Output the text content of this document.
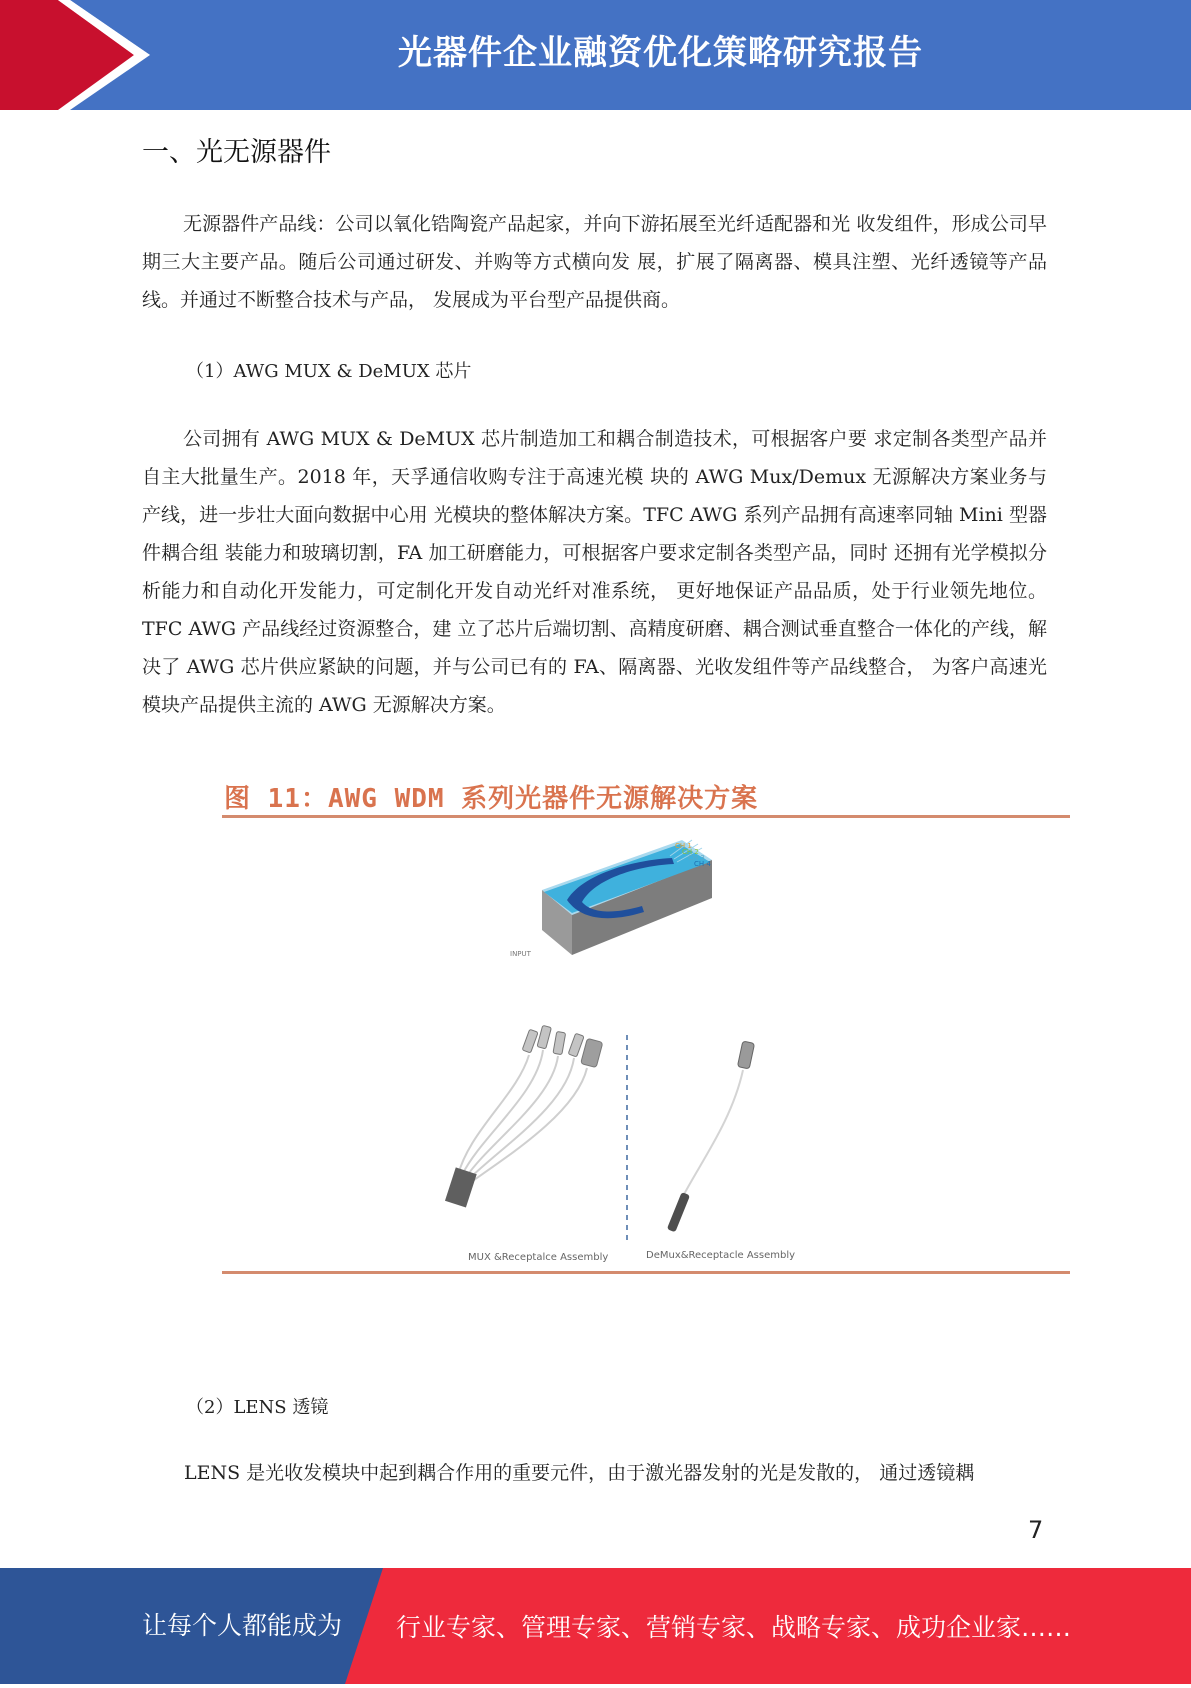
光器件企业融资优化策略研究报告
一、光无源器件

无源器件产品线：公司以氧化锆陶瓷产品起家，并向下游拓展至光纤适配器和光 收发组件，形成公司早期三大主要产品。随后公司通过研发、并购等方式横向发 展，扩展了隔离器、模具注塑、光纤透镜等产品线。并通过不断整合技术与产品， 发展成为平台型产品提供商。

（1）AWG MUX & DeMUX 芯片

公司拥有 AWG MUX & DeMUX 芯片制造加工和耦合制造技术，可根据客户要 求定制各类型产品并自主大批量生产。2018 年，天孚通信收购专注于高速光模 块的 AWG Mux/Demux 无源解决方案业务与产线，进一步壮大面向数据中心用 光模块的整体解决方案。TFC AWG 系列产品拥有高速率同轴 Mini 型器件耦合组 装能力和玻璃切割，FA 加工研磨能力，可根据客户要求定制各类型产品，同时 还拥有光学模拟分析能力和自动化开发能力，可定制化开发自动光纤对准系统， 更好地保证产品品质，处于行业领先地位。TFC AWG 产品线经过资源整合，建 立了芯片后端切割、高精度研磨、耦合测试垂直整合一体化的产线，解决了 AWG 芯片供应紧缺的问题，并与公司已有的 FA、隔离器、光收发组件等产品线整合， 为客户高速光模块产品提供主流的 AWG 无源解决方案。

图 11：AWG WDM 系列光器件无源解决方案
CH 1
CH 2
CH 3
CH 4
INPUT
MUX &Receptalce Assembly	DeMux&Receptacle Assembly
（2）LENS 透镜

LENS 是光收发模块中起到耦合作用的重要元件，由于激光器发射的光是发散的， 通过透镜耦

7
让每个人都能成为 行业专家、管理专家、营销专家、战略专家、成功企业家……
